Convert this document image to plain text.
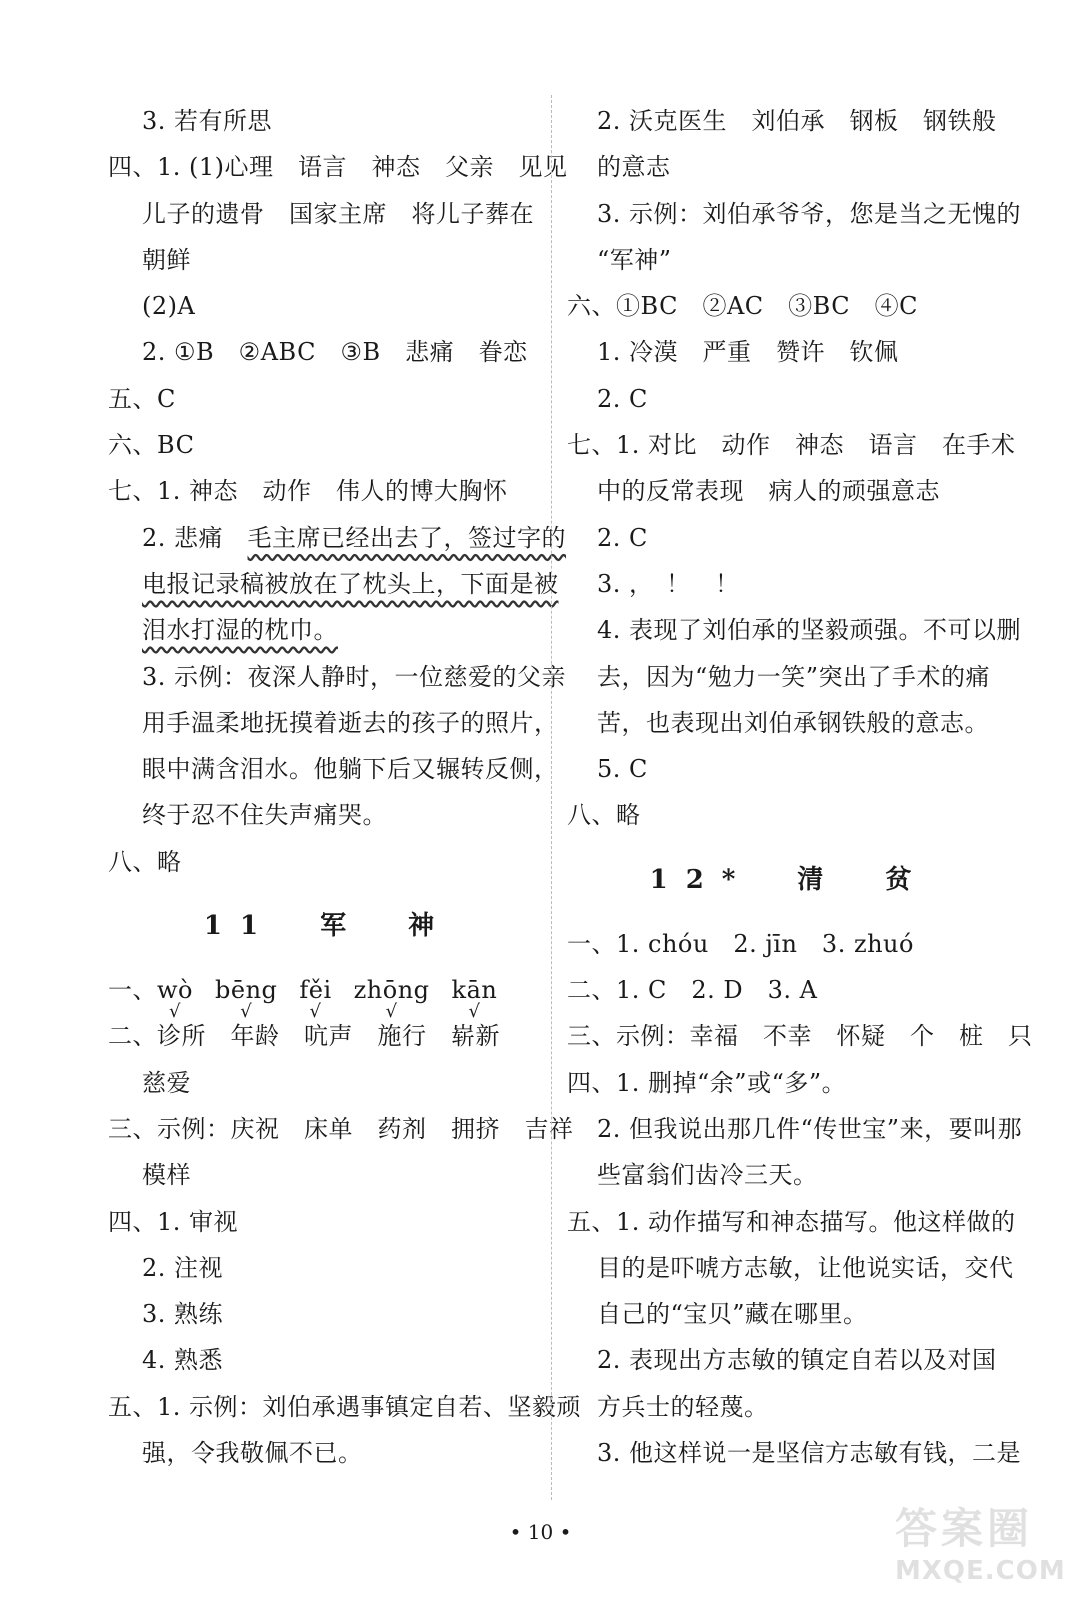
3. 若有所思
四、1. (1)心理　语言　神态　父亲　见见
儿子的遗骨　国家主席　将儿子葬在
朝鲜
(2)A
2. ①B　②ABC　③B　悲痛　眷恋
五、C
六、BC
七、1. 神态　动作　伟人的博大胸怀
2. 悲痛　毛主席已经出去了，签过字的
电报记录稿被放在了枕头上，下面是被
泪水打湿的枕巾。
3. 示例：夜深人静时，一位慈爱的父亲
用手温柔地抚摸着逝去的孩子的照片，
眼中满含泪水。他躺下后又辗转反侧，
终于忍不住失声痛哭。
八、略
11　军　神
一、wò
√
bēng
√
fěi
√
zhōng
√
kān
√
二、诊所　年龄　吭声　施行　崭新
慈爱
三、示例：庆祝　床单　药剂　拥挤　吉祥
模样
四、1. 审视
2. 注视
3. 熟练
4. 熟悉
五、1. 示例：刘伯承遇事镇定自若、坚毅顽
强，令我敬佩不已。
2. 沃克医生　刘伯承　钢板　钢铁般
的意志
3. 示例：刘伯承爷爷，您是当之无愧的
“军神”
六、①BC　②AC　③BC　④C
1. 冷漠　严重　赞许　钦佩
2. C
七、1. 对比　动作　神态　语言　在手术
中的反常表现　病人的顽强意志
2. C
3. ，　！　！
4. 表现了刘伯承的坚毅顽强。不可以删
去，因为“勉力一笑”突出了手术的痛
苦，也表现出刘伯承钢铁般的意志。
5. C
八、略
12*　清　贫
一、1. chóu　2. jīn　3. zhuó
二、1. C　2. D　3. A
三、示例：幸福　不幸　怀疑　个　桩　只
四、1. 删掉“余”或“多”。
2. 但我说出那几件“传世宝”来，要叫那
些富翁们齿冷三天。
五、1. 动作描写和神态描写。他这样做的
目的是吓唬方志敏，让他说实话，交代
自己的“宝贝”藏在哪里。
2. 表现出方志敏的镇定自若以及对国
方兵士的轻蔑。
3. 他这样说一是坚信方志敏有钱，二是
• 10 •	答案圈
MXQE.COM
